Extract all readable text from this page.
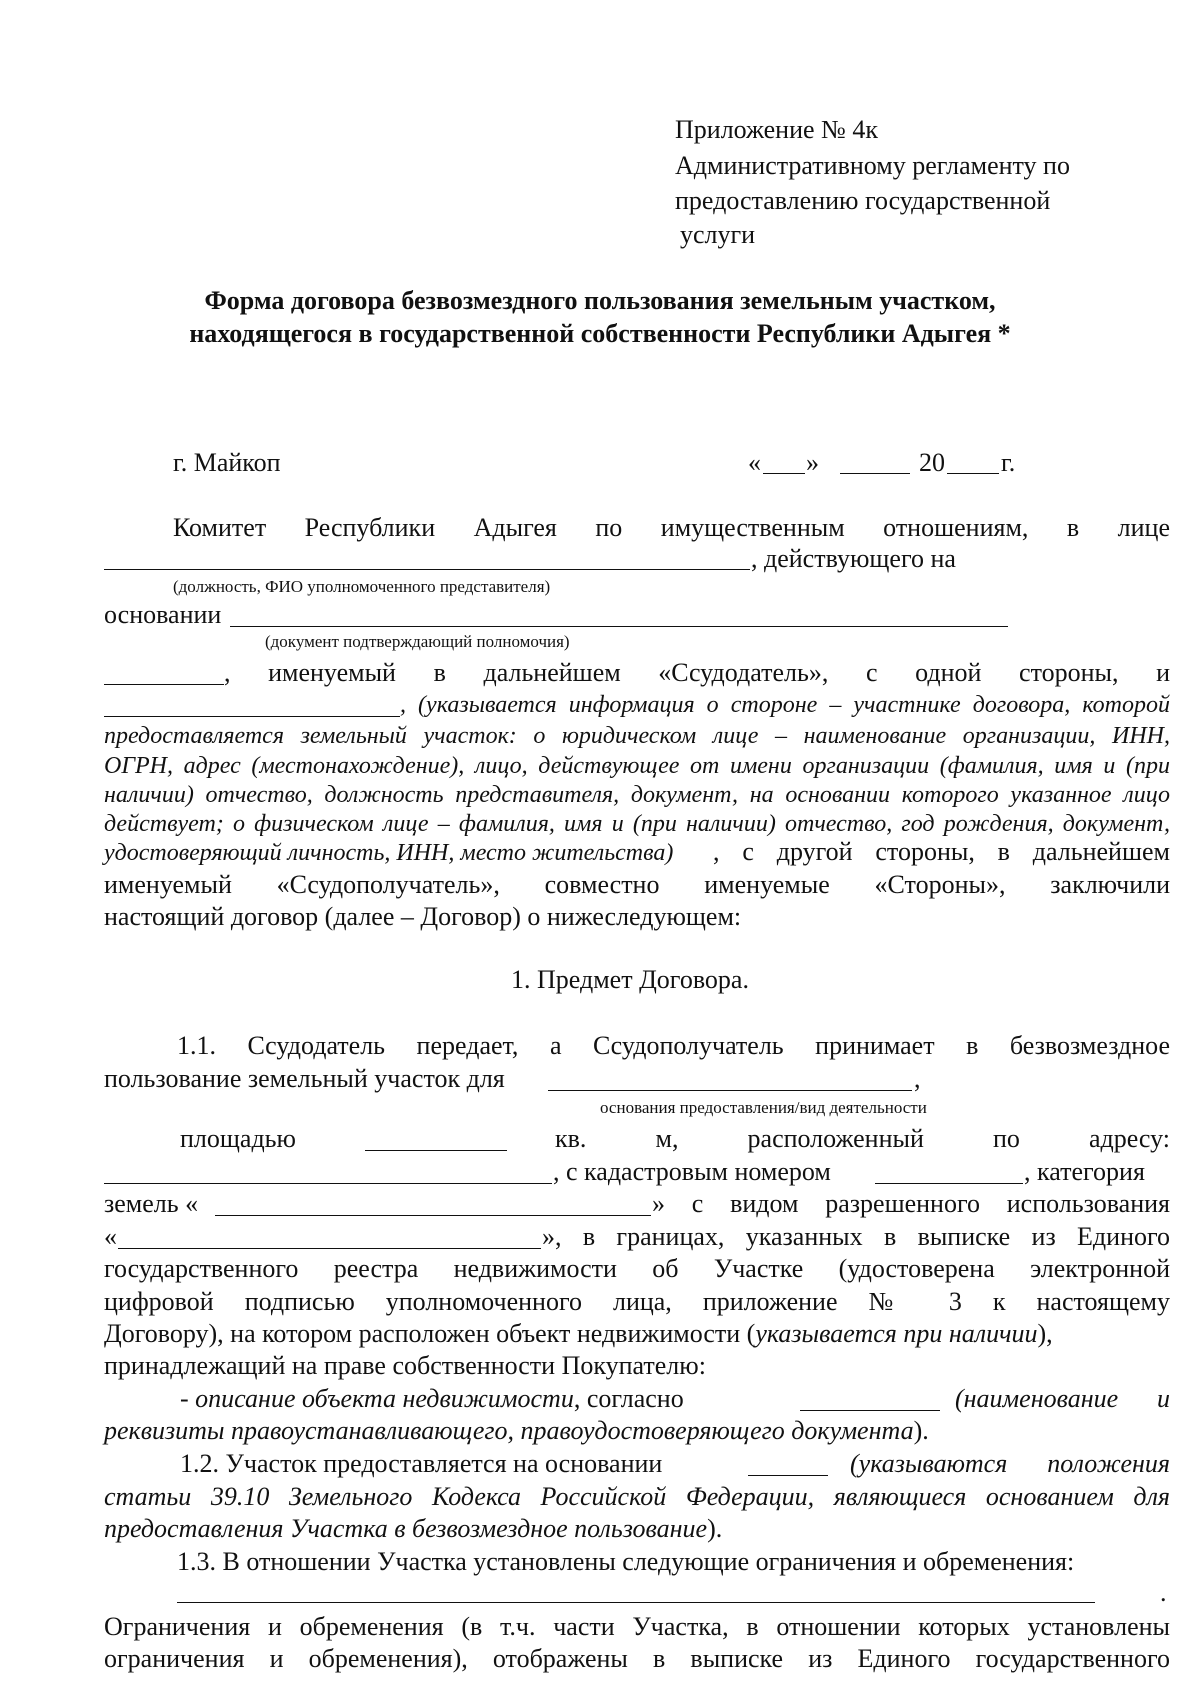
Приложение № 4к
Административному регламенту по
предоставлению государственной
услуги
Форма договора безвозмездного пользования земельным участком,
находящегося в государственной собственности Республики Адыгея *
г. Майкоп	« »	20 г.
Комитет Республики Адыгея по имущественным отношениям, в лице
, действующего на
(должность, ФИО уполномоченного представителя)
основании
(документ подтверждающий полномочия)
, именуемый в дальнейшем «Ссудодатель», с одной стороны, и
, (указывается информация о стороне – участнике договора, которой
предоставляется земельный участок: о юридическом лице – наименование организации, ИНН,
ОГРН, адрес (местонахождение), лицо, действующее от имени организации (фамилия, имя и (при
наличии) отчество, должность представителя, документ, на основании которого указанное лицо
действует; о физическом лице – фамилия, имя и (при наличии) отчество, год рождения, документ,
удостоверяющий личность, ИНН, место жительства) , с другой стороны, в дальнейшем
именуемый «Ссудополучатель», совместно именуемые «Стороны», заключили
настоящий договор (далее – Договор) о нижеследующем:
1. Предмет Договора.
1.1. Ссудодатель передает, а Ссудополучатель принимает в безвозмездное
пользование земельный участок для	,
основания предоставления/вид деятельности
площадью	кв. м, расположенный по адресу:
, с кадастровым номером	, категория
земель «	» с видом разрешенного использования
«	», в границах, указанных в выписке из Единого
государственного реестра недвижимости об Участке (удостоверена электронной
цифровой подписью уполномоченного лица, приложение № 3 к настоящему
Договору), на котором расположен объект недвижимости (указывается при наличии),
принадлежащий на праве собственности Покупателю:
- описание объекта недвижимости, согласно	(наименование и
реквизиты правоустанавливающего, правоудостоверяющего документа).
1.2. Участок предоставляется на основании	(указываются положения
статьи 39.10 Земельного Кодекса Российской Федерации, являющиеся основанием для
предоставления Участка в безвозмездное пользование).
1.3. В отношении Участка установлены следующие ограничения и обременения:
.
Ограничения и обременения (в т.ч. части Участка, в отношении которых установлены
ограничения и обременения), отображены в выписке из Единого государственного
